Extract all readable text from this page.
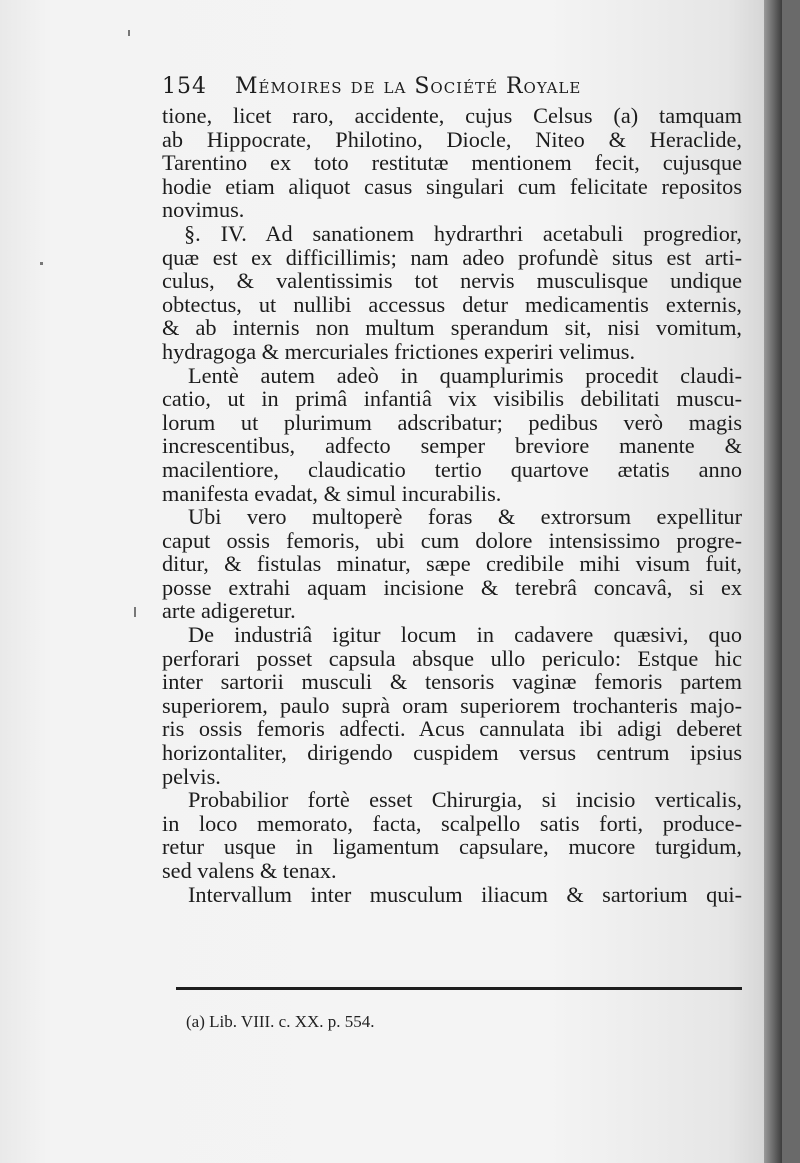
154 Mémoires de la Société Royale
tione, licet raro, accidente, cujus Celsus (a) tamquam
ab Hippocrate, Philotino, Diocle, Niteo & Heraclide,
Tarentino ex toto restitutæ mentionem fecit, cujusque
hodie etiam aliquot casus singulari cum felicitate repositos
novimus.
§. IV. Ad sanationem hydrarthri acetabuli progredior,
quæ est ex difficillimis; nam adeo profundè situs est arti-
culus, & valentissimis tot nervis musculisque undique
obtectus, ut nullibi accessus detur medicamentis externis,
& ab internis non multum sperandum sit, nisi vomitum,
hydragoga & mercuriales frictiones experiri velimus.
Lentè autem adeò in quamplurimis procedit claudi-
catio, ut in primâ infantiâ vix visibilis debilitati muscu-
lorum ut plurimum adscribatur; pedibus verò magis
increscentibus, adfecto semper breviore manente &
macilentiore, claudicatio tertio quartove ætatis anno
manifesta evadat, & simul incurabilis.
Ubi vero multoperè foras & extrorsum expellitur
caput ossis femoris, ubi cum dolore intensissimo progre-
ditur, & fistulas minatur, sæpe credibile mihi visum fuit,
posse extrahi aquam incisione & terebrâ concavâ, si ex
arte adigeretur.
De industriâ igitur locum in cadavere quæsivi, quo
perforari posset capsula absque ullo periculo: Estque hic
inter sartorii musculi & tensoris vaginæ femoris partem
superiorem, paulo suprà oram superiorem trochanteris majo-
ris ossis femoris adfecti. Acus cannulata ibi adigi deberet
horizontaliter, dirigendo cuspidem versus centrum ipsius
pelvis.
Probabilior fortè esset Chirurgia, si incisio verticalis,
in loco memorato, facta, scalpello satis forti, produce-
retur usque in ligamentum capsulare, mucore turgidum,
sed valens & tenax.
Intervallum inter musculum iliacum & sartorium qui-
(a) Lib. VIII. c. XX. p. 554.
